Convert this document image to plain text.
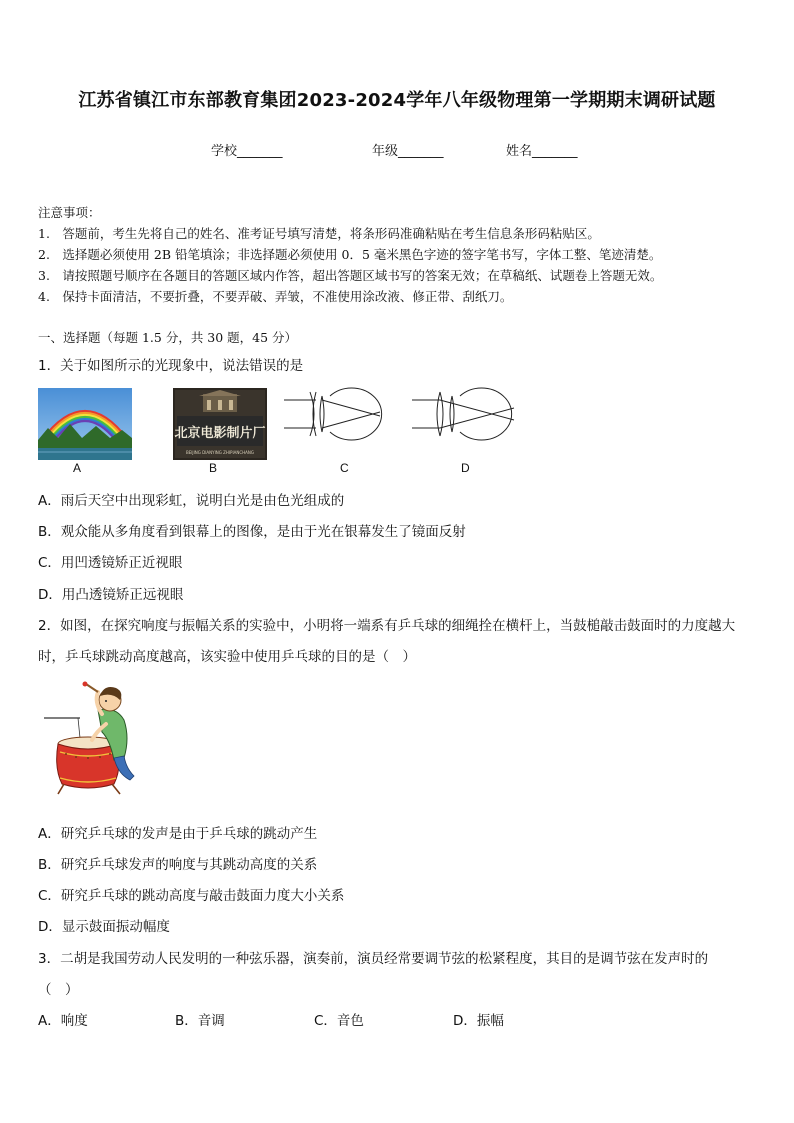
江苏省镇江市东部教育集团2023-2024学年八年级物理第一学期期末调研试题
学校_______	年级_______	姓名_______
注意事项：
1.　答题前，考生先将自己的姓名、准考证号填写清楚，将条形码准确粘贴在考生信息条形码粘贴区。
2.　选择题必须使用 2B 铅笔填涂；非选择题必须使用 0．5 毫米黑色字迹的签字笔书写，字体工整、笔迹清楚。
3.　请按照题号顺序在各题目的答题区域内作答，超出答题区域书写的答案无效；在草稿纸、试题卷上答题无效。
4.　保持卡面清洁，不要折叠，不要弄破、弄皱，不准使用涂改液、修正带、刮纸刀。
一、选择题（每题 1.5 分，共 30 题，45 分）
1．关于如图所示的光现象中，说法错误的是
A
北京电影制片厂
BEIJING DIANYING ZHIPIANCHANG
B	C	D
A．雨后天空中出现彩虹，说明白光是由色光组成的
B．观众能从多角度看到银幕上的图像，是由于光在银幕发生了镜面反射
C．用凹透镜矫正近视眼
D．用凸透镜矫正远视眼
2．如图，在探究响度与振幅关系的实验中，小明将一端系有乒乓球的细绳拴在横杆上，当鼓槌敲击鼓面时的力度越大
时，乒乓球跳动高度越高，该实验中使用乒乓球的目的是（　）
A．研究乒乓球的发声是由于乒乓球的跳动产生
B．研究乒乓球发声的响度与其跳动高度的关系
C．研究乒乓球的跳动高度与敲击鼓面力度大小关系
D．显示鼓面振动幅度
3．二胡是我国劳动人民发明的一种弦乐器，演奏前，演员经常要调节弦的松紧程度，其目的是调节弦在发声时的
（　）
A．响度	B．音调	C．音色	D．振幅
